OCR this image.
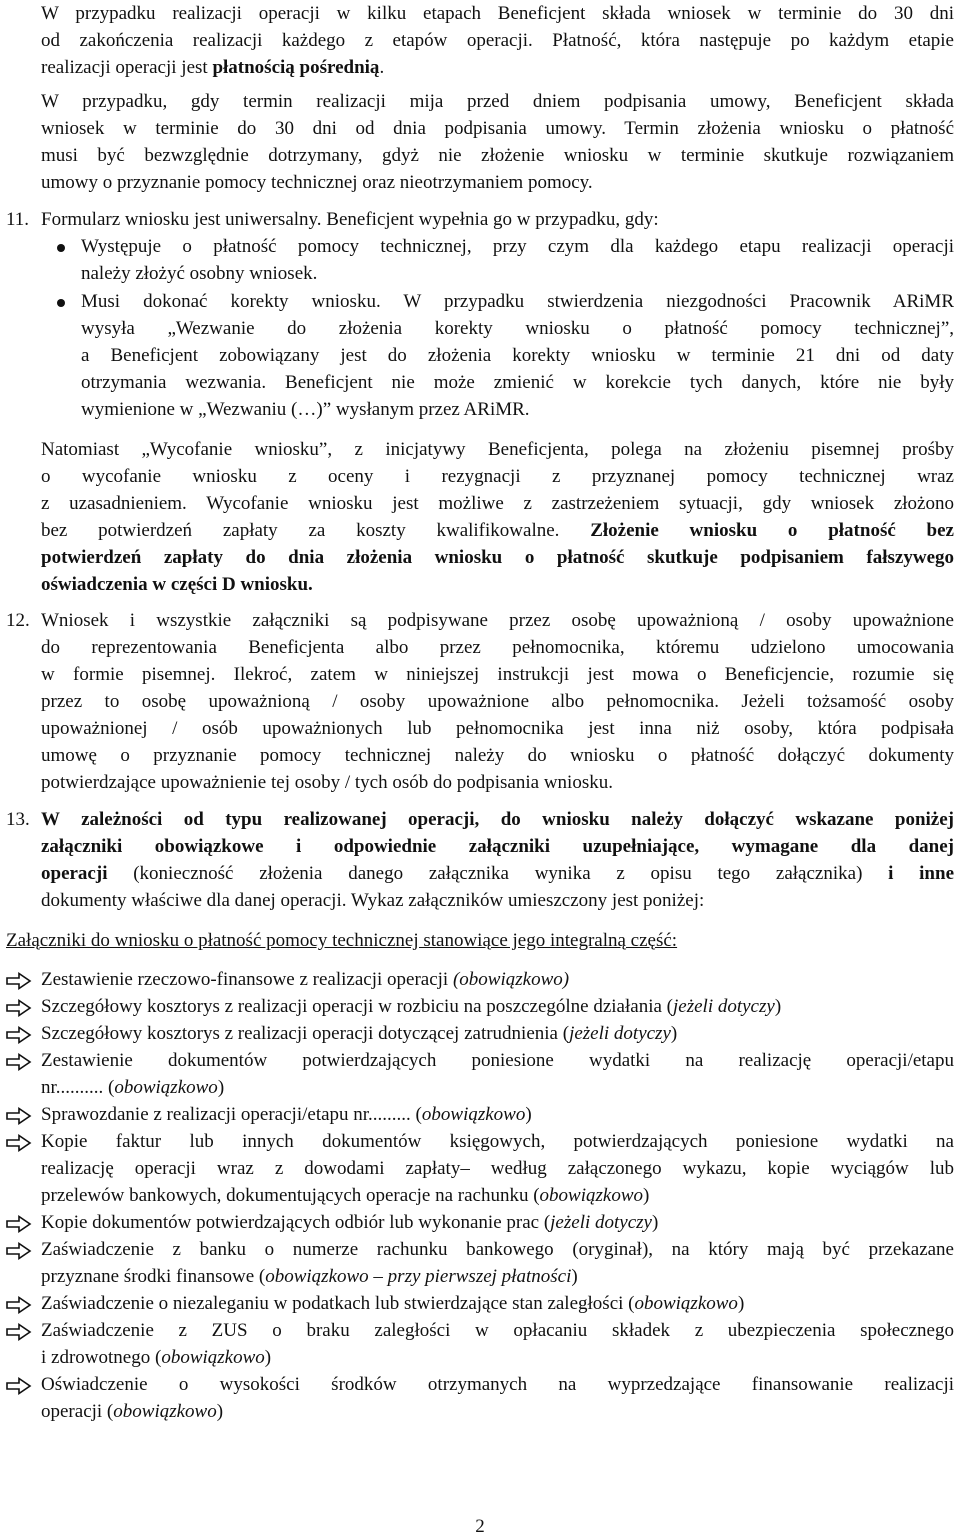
W przypadku realizacji operacji w kilku etapach Beneficjent składa wniosek w terminie do 30 dni
od zakończenia realizacji każdego z etapów operacji. Płatność, która następuje po każdym etapie
realizacji operacji jest płatnością pośrednią.
W przypadku, gdy termin realizacji mija przed dniem podpisania umowy, Beneficjent składa
wniosek w terminie do 30 dni od dnia podpisania umowy. Termin złożenia wniosku o płatność
musi być bezwzględnie dotrzymany, gdyż nie złożenie wniosku w terminie skutkuje rozwiązaniem
umowy o przyznanie pomocy technicznej oraz nieotrzymaniem pomocy.
11. Formularz wniosku jest uniwersalny. Beneficjent wypełnia go w przypadku, gdy:
Występuje o płatność pomocy technicznej, przy czym dla każdego etapu realizacji operacji
należy złożyć osobny wniosek.
Musi dokonać korekty wniosku. W przypadku stwierdzenia niezgodności Pracownik ARiMR
wysyła „Wezwanie do złożenia korekty wniosku o płatność pomocy technicznej”,
a Beneficjent zobowiązany jest do złożenia korekty wniosku w terminie 21 dni od daty
otrzymania wezwania. Beneficjent nie może zmienić w korekcie tych danych, które nie były
wymienione w „Wezwaniu (…)” wysłanym przez ARiMR.
Natomiast „Wycofanie wniosku”, z inicjatywy Beneficjenta, polega na złożeniu pisemnej prośby
o wycofanie wniosku z oceny i rezygnacji z przyznanej pomocy technicznej wraz
z uzasadnieniem. Wycofanie wniosku jest możliwe z zastrzeżeniem sytuacji, gdy wniosek złożono
bez potwierdzeń zapłaty za koszty kwalifikowalne. Złożenie wniosku o płatność bez
potwierdzeń zapłaty do dnia złożenia wniosku o płatność skutkuje podpisaniem fałszywego
oświadczenia w części D wniosku.
12. Wniosek i wszystkie załączniki są podpisywane przez osobę upoważnioną / osoby upoważnione
do reprezentowania Beneficjenta albo przez pełnomocnika, któremu udzielono umocowania
w formie pisemnej. Ilekroć, zatem w niniejszej instrukcji jest mowa o Beneficjencie, rozumie się
przez to osobę upoważnioną / osoby upoważnione albo pełnomocnika. Jeżeli tożsamość osoby
upoważnionej / osób upoważnionych lub pełnomocnika jest inna niż osoby, która podpisała
umowę o przyznanie pomocy technicznej należy do wniosku o płatność dołączyć dokumenty
potwierdzające upoważnienie tej osoby / tych osób do podpisania wniosku.
13. W zależności od typu realizowanej operacji, do wniosku należy dołączyć wskazane poniżej
załączniki obowiązkowe i odpowiednie załączniki uzupełniające, wymagane dla danej
operacji (konieczność złożenia danego załącznika wynika z opisu tego załącznika) i inne
dokumenty właściwe dla danej operacji. Wykaz załączników umieszczony jest poniżej:
Załączniki do wniosku o płatność pomocy technicznej stanowiące jego integralną część:
Zestawienie rzeczowo-finansowe z realizacji operacji (obowiązkowo)
Szczegółowy kosztorys z realizacji operacji w rozbiciu na poszczególne działania (jeżeli dotyczy)
Szczegółowy kosztorys z realizacji operacji dotyczącej zatrudnienia (jeżeli dotyczy)
Zestawienie dokumentów potwierdzających poniesione wydatki na realizację operacji/etapu
nr.......... (obowiązkowo)
Sprawozdanie z realizacji operacji/etapu nr......... (obowiązkowo)
Kopie faktur lub innych dokumentów księgowych, potwierdzających poniesione wydatki na
realizację operacji wraz z dowodami zapłaty– według załączonego wykazu, kopie wyciągów lub
przelewów bankowych, dokumentujących operacje na rachunku (obowiązkowo)
Kopie dokumentów potwierdzających odbiór lub wykonanie prac (jeżeli dotyczy)
Zaświadczenie z banku o numerze rachunku bankowego (oryginał), na który mają być przekazane
przyznane środki finansowe (obowiązkowo – przy pierwszej płatności)
Zaświadczenie o niezaleganiu w podatkach lub stwierdzające stan zaległości (obowiązkowo)
Zaświadczenie z ZUS o braku zaległości w opłacaniu składek z ubezpieczenia społecznego
i zdrowotnego (obowiązkowo)
Oświadczenie o wysokości środków otrzymanych na wyprzedzające finansowanie realizacji
operacji (obowiązkowo)
2
